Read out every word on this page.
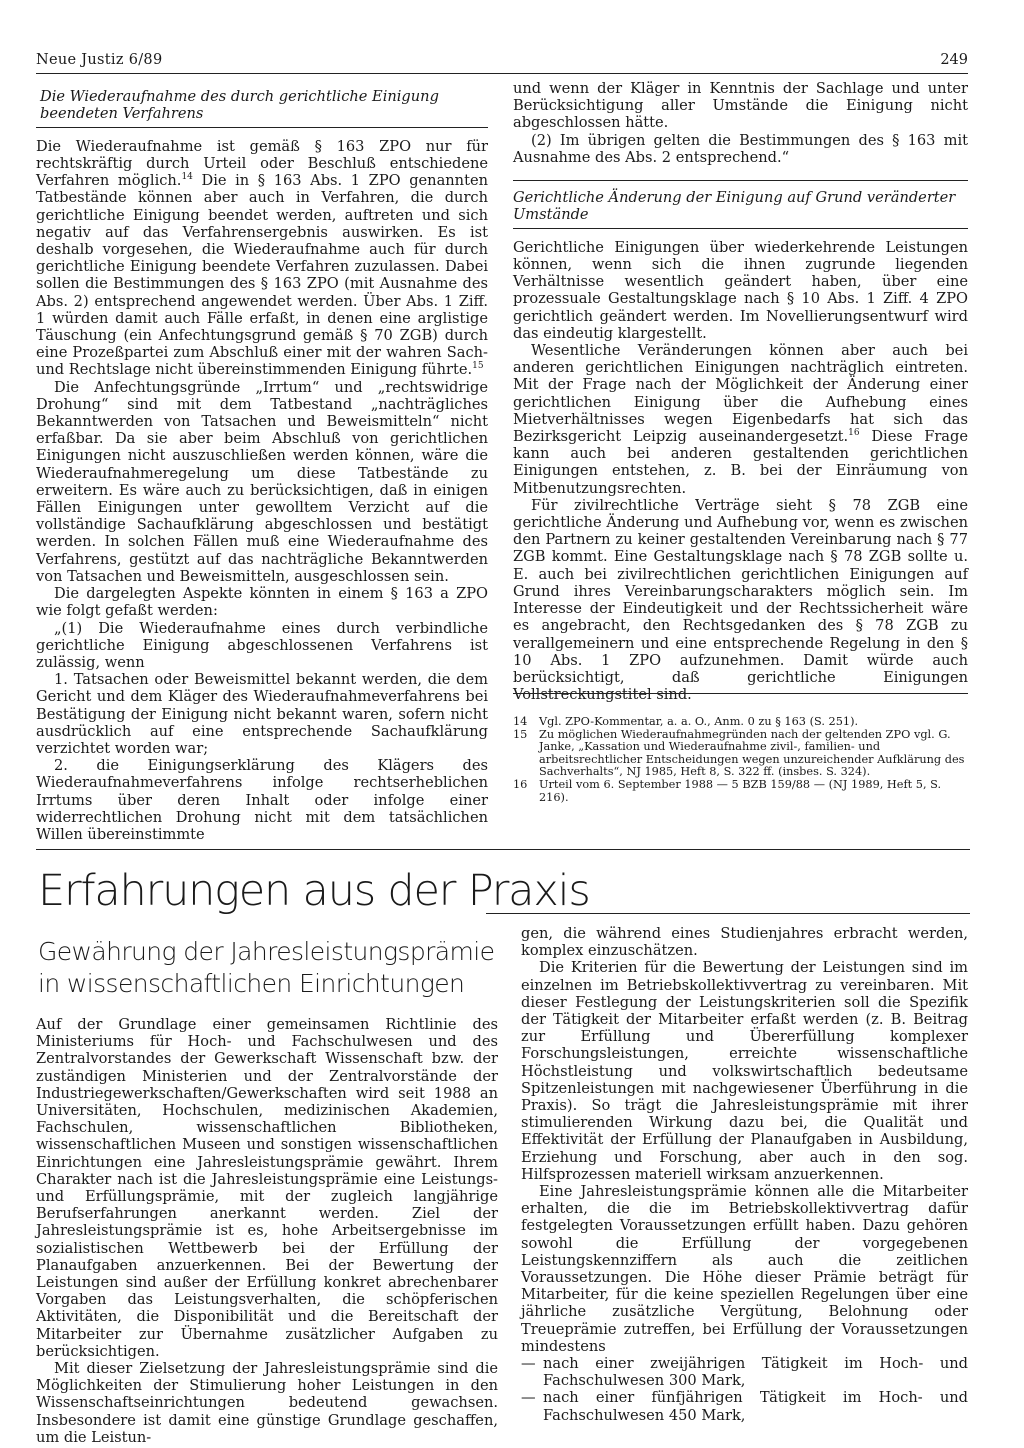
Neue Justiz 6/89	249
Die Wiederaufnahme des durch gerichtliche Einigung beendeten Verfahrens

Die Wiederaufnahme ist gemäß § 163 ZPO nur für rechtskräftig durch Urteil oder Beschluß entschiedene Verfahren möglich.$^{14}$ Die in § 163 Abs. 1 ZPO genannten Tatbestände können aber auch in Verfahren, die durch gerichtliche Einigung beendet werden, auftreten und sich negativ auf das Verfahrensergebnis auswirken. Es ist deshalb vorgesehen, die Wiederaufnahme auch für durch gerichtliche Einigung beendete Verfahren zuzulassen. Dabei sollen die Bestimmungen des § 163 ZPO (mit Ausnahme des Abs. 2) entsprechend angewendet werden. Über Abs. 1 Ziff. 1 würden damit auch Fälle erfaßt, in denen eine arglistige Täuschung (ein Anfechtungsgrund gemäß § 70 ZGB) durch eine Prozeßpartei zum Abschluß einer mit der wahren Sach- und Rechtslage nicht übereinstimmenden Einigung führte.$^{15}$

Die Anfechtungsgründe „Irrtum“ und „rechtswidrige Drohung“ sind mit dem Tatbestand „nachträgliches Bekanntwerden von Tatsachen und Beweismitteln“ nicht erfaßbar. Da sie aber beim Abschluß von gerichtlichen Einigungen nicht auszuschließen werden können, wäre die Wiederaufnahmeregelung um diese Tatbestände zu erweitern. Es wäre auch zu berücksichtigen, daß in einigen Fällen Einigungen unter gewolltem Verzicht auf die vollständige Sachaufklärung abgeschlossen und bestätigt werden. In solchen Fällen muß eine Wiederaufnahme des Verfahrens, gestützt auf das nachträgliche Bekanntwerden von Tatsachen und Beweismitteln, ausgeschlossen sein.

Die dargelegten Aspekte könnten in einem § 163 a ZPO wie folgt gefaßt werden:

„(1) Die Wiederaufnahme eines durch verbindliche gerichtliche Einigung abgeschlossenen Verfahrens ist zulässig, wenn

1. Tatsachen oder Beweismittel bekannt werden, die dem Gericht und dem Kläger des Wiederaufnahmeverfahrens bei Bestätigung der Einigung nicht bekannt waren, sofern nicht ausdrücklich auf eine entsprechende Sachaufklärung verzichtet worden war;

2. die Einigungserklärung des Klägers des Wiederaufnahmeverfahrens infolge rechtserheblichen Irrtums über deren Inhalt oder infolge einer widerrechtlichen Drohung nicht mit dem tatsächlichen Willen übereinstimmte

und wenn der Kläger in Kenntnis der Sachlage und unter Berücksichtigung aller Umstände die Einigung nicht abgeschlossen hätte.

(2) Im übrigen gelten die Bestimmungen des § 163 mit Ausnahme des Abs. 2 entsprechend.“

Gerichtliche Änderung der Einigung auf Grund veränderter Umstände

Gerichtliche Einigungen über wiederkehrende Leistungen können, wenn sich die ihnen zugrunde liegenden Verhältnisse wesentlich geändert haben, über eine prozessuale Gestaltungsklage nach § 10 Abs. 1 Ziff. 4 ZPO gerichtlich geändert werden. Im Novellierungsentwurf wird das eindeutig klargestellt.

Wesentliche Veränderungen können aber auch bei anderen gerichtlichen Einigungen nachträglich eintreten. Mit der Frage nach der Möglichkeit der Änderung einer gerichtlichen Einigung über die Aufhebung eines Mietverhältnisses wegen Eigenbedarfs hat sich das Bezirksgericht Leipzig auseinandergesetzt.$^{16}$ Diese Frage kann auch bei anderen gestaltenden gerichtlichen Einigungen entstehen, z. B. bei der Einräumung von Mitbenutzungsrechten.

Für zivilrechtliche Verträge sieht § 78 ZGB eine gerichtliche Änderung und Aufhebung vor, wenn es zwischen den Partnern zu keiner gestaltenden Vereinbarung nach § 77 ZGB kommt. Eine Gestaltungsklage nach § 78 ZGB sollte u. E. auch bei zivilrechtlichen gerichtlichen Einigungen auf Grund ihres Vereinbarungscharakters möglich sein. Im Interesse der Eindeutigkeit und der Rechtssicherheit wäre es angebracht, den Rechtsgedanken des § 78 ZGB zu verallgemeinern und eine entsprechende Regelung in den § 10 Abs. 1 ZPO aufzunehmen. Damit würde auch berücksichtigt, daß gerichtliche Einigungen Vollstreckungstitel sind.

14	Vgl. ZPO-Kommentar, a. a. O., Anm. 0 zu § 163 (S. 251).
15	Zu möglichen Wiederaufnahmegründen nach der geltenden ZPO vgl. G. Janke, „Kassation und Wiederaufnahme zivil-, familien- und arbeitsrechtlicher Entscheidungen wegen unzureichender Aufklärung des Sachverhalts“, NJ 1985, Heft 8, S. 322 ff. (insbes. S. 324).
16	Urteil vom 6. September 1988 — 5 BZB 159/88 — (NJ 1989, Heft 5, S. 216).
Erfahrungen aus der Praxis
Gewährung der Jahresleistungsprämie in wissenschaftlichen Einrichtungen

Auf der Grundlage einer gemeinsamen Richtlinie des Ministeriums für Hoch- und Fachschulwesen und des Zentralvorstandes der Gewerkschaft Wissenschaft bzw. der zuständigen Ministerien und der Zentralvorstände der Industriegewerkschaften/Gewerkschaften wird seit 1988 an Universitäten, Hochschulen, medizinischen Akademien, Fachschulen, wissenschaftlichen Bibliotheken, wissenschaftlichen Museen und sonstigen wissenschaftlichen Einrichtungen eine Jahresleistungsprämie gewährt. Ihrem Charakter nach ist die Jahresleistungsprämie eine Leistungs- und Erfüllungsprämie, mit der zugleich langjährige Berufserfahrungen anerkannt werden. Ziel der Jahresleistungsprämie ist es, hohe Arbeitsergebnisse im sozialistischen Wettbewerb bei der Erfüllung der Planaufgaben anzuerkennen. Bei der Bewertung der Leistungen sind außer der Erfüllung konkret abrechenbarer Vorgaben das Leistungsverhalten, die schöpferischen Aktivitäten, die Disponibilität und die Bereitschaft der Mitarbeiter zur Übernahme zusätzlicher Aufgaben zu berücksichtigen.

Mit dieser Zielsetzung der Jahresleistungsprämie sind die Möglichkeiten der Stimulierung hoher Leistungen in den Wissenschaftseinrichtungen bedeutend gewachsen. Insbesondere ist damit eine günstige Grundlage geschaffen, um die Leistun-

gen, die während eines Studienjahres erbracht werden, komplex einzuschätzen.

Die Kriterien für die Bewertung der Leistungen sind im einzelnen im Betriebskollektivvertrag zu vereinbaren. Mit dieser Festlegung der Leistungskriterien soll die Spezifik der Tätigkeit der Mitarbeiter erfaßt werden (z. B. Beitrag zur Erfüllung und Übererfüllung komplexer Forschungsleistungen, erreichte wissenschaftliche Höchstleistung und volkswirtschaftlich bedeutsame Spitzenleistungen mit nachgewiesener Überführung in die Praxis). So trägt die Jahresleistungsprämie mit ihrer stimulierenden Wirkung dazu bei, die Qualität und Effektivität der Erfüllung der Planaufgaben in Ausbildung, Erziehung und Forschung, aber auch in den sog. Hilfsprozessen materiell wirksam anzuerkennen.

Eine Jahresleistungsprämie können alle die Mitarbeiter erhalten, die die im Betriebskollektivvertrag dafür festgelegten Voraussetzungen erfüllt haben. Dazu gehören sowohl die Erfüllung der vorgegebenen Leistungskennziffern als auch die zeitlichen Voraussetzungen. Die Höhe dieser Prämie beträgt für Mitarbeiter, für die keine speziellen Regelungen über eine jährliche zusätzliche Vergütung, Belohnung oder Treueprämie zutreffen, bei Erfüllung der Voraussetzungen mindestens

— nach einer zweijährigen Tätigkeit im Hoch- und Fachschulwesen 300 Mark,
— nach einer fünfjährigen Tätigkeit im Hoch- und Fachschulwesen 450 Mark,
